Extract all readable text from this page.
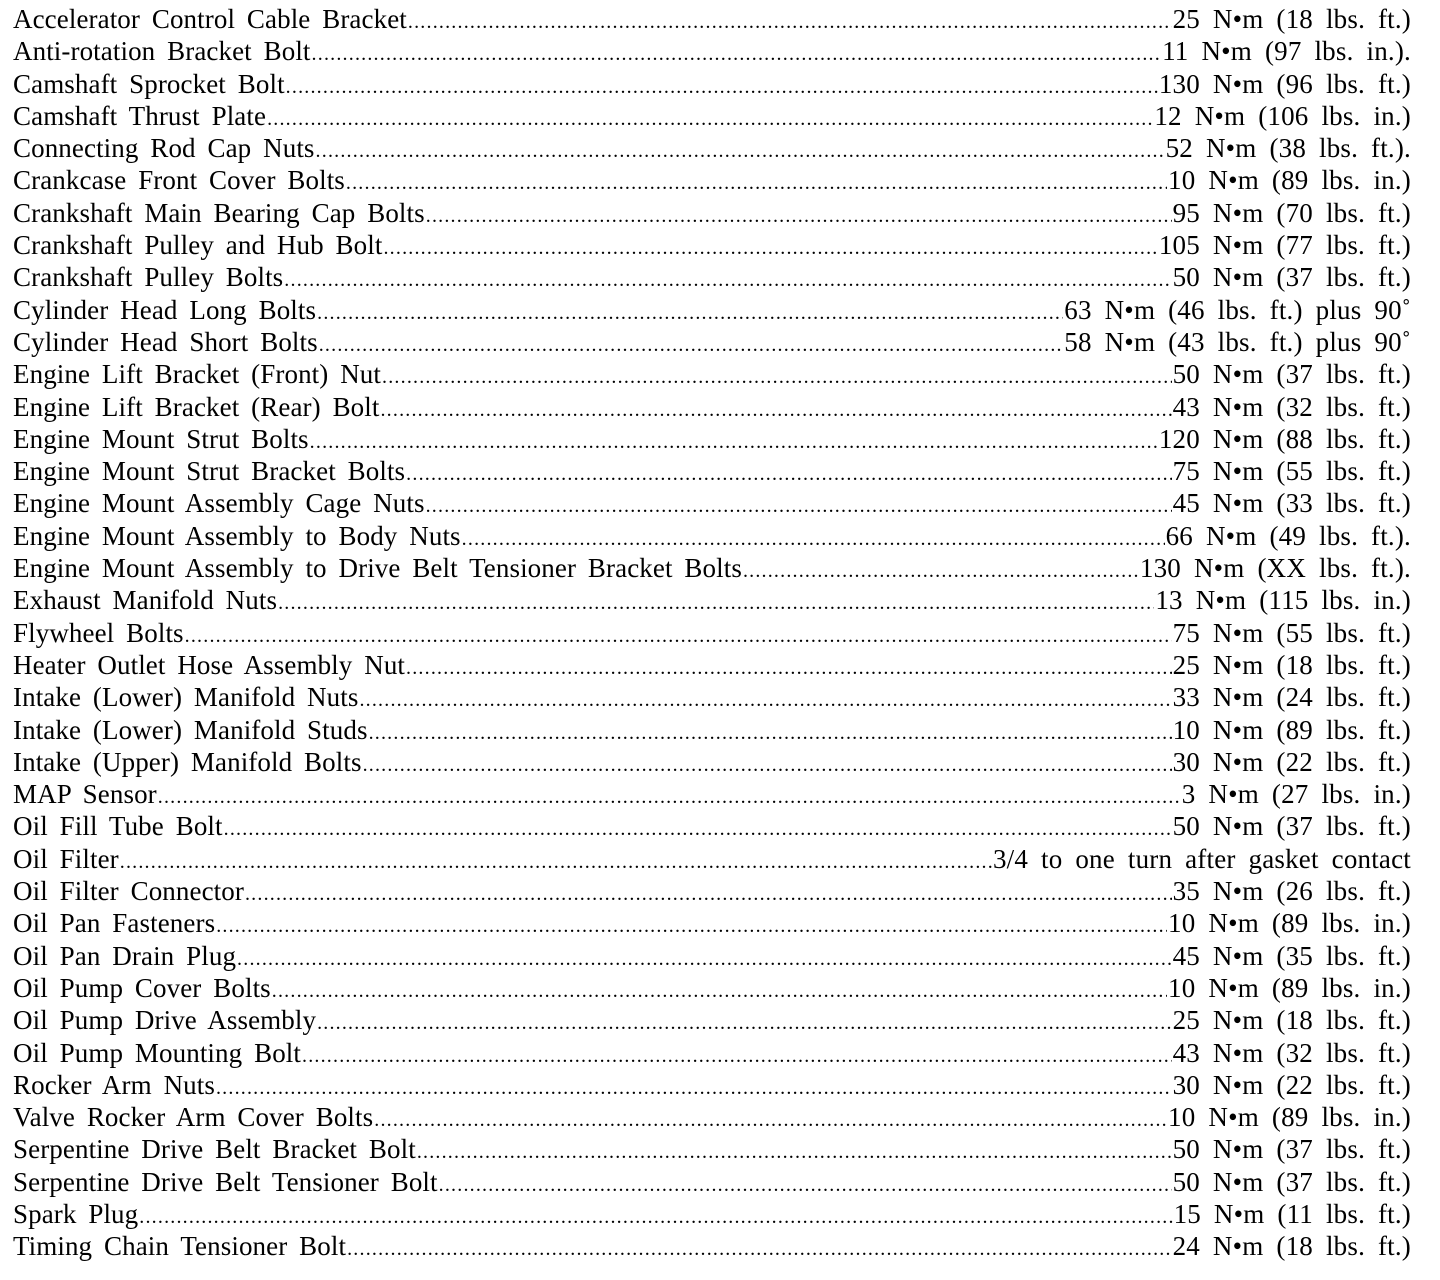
Accelerator Control Cable Bracket .....	25 N•m (18 lbs. ft.)
Anti-rotation Bracket Bolt .....	11 N•m (97 lbs. in.).
Camshaft Sprocket Bolt .....	130 N•m (96 lbs. ft.)
Camshaft Thrust Plate .....	12 N•m (106 lbs. in.)
Connecting Rod Cap Nuts .....	52 N•m (38 lbs. ft.).
Crankcase Front Cover Bolts .....	10 N•m (89 lbs. in.)
Crankshaft Main Bearing Cap Bolts .....	95 N•m (70 lbs. ft.)
Crankshaft Pulley and Hub Bolt .....	105 N•m (77 lbs. ft.)
Crankshaft Pulley Bolts .....	50 N•m (37 lbs. ft.)
Cylinder Head Long Bolts .....	63 N•m (46 lbs. ft.) plus 90˚
Cylinder Head Short Bolts .....	58 N•m (43 lbs. ft.) plus 90˚
Engine Lift Bracket (Front) Nut .....	50 N•m (37 lbs. ft.)
Engine Lift Bracket (Rear) Bolt .....	43 N•m (32 lbs. ft.)
Engine Mount Strut Bolts .....	120 N•m (88 lbs. ft.)
Engine Mount Strut Bracket Bolts .....	75 N•m (55 lbs. ft.)
Engine Mount Assembly Cage Nuts .....	45 N•m (33 lbs. ft.)
Engine Mount Assembly to Body Nuts .....	66 N•m (49 lbs. ft.).
Engine Mount Assembly to Drive Belt Tensioner Bracket Bolts .....	130 N•m (XX lbs. ft.).
Exhaust Manifold Nuts .....	13 N•m (115 lbs. in.)
Flywheel Bolts .....	75 N•m (55 lbs. ft.)
Heater Outlet Hose Assembly Nut .....	25 N•m (18 lbs. ft.)
Intake (Lower) Manifold Nuts .....	33 N•m (24 lbs. ft.)
Intake (Lower) Manifold Studs .....	10 N•m (89 lbs. ft.)
Intake (Upper) Manifold Bolts .....	30 N•m (22 lbs. ft.)
MAP Sensor .....	3 N•m (27 lbs. in.)
Oil Fill Tube Bolt .....	50 N•m (37 lbs. ft.)
Oil Filter .....	3/4 to one turn after gasket contact
Oil Filter Connector .....	35 N•m (26 lbs. ft.)
Oil Pan Fasteners .....	10 N•m (89 lbs. in.)
Oil Pan Drain Plug .....	45 N•m (35 lbs. ft.)
Oil Pump Cover Bolts .....	10 N•m (89 lbs. in.)
Oil Pump Drive Assembly .....	25 N•m (18 lbs. ft.)
Oil Pump Mounting Bolt .....	43 N•m (32 lbs. ft.)
Rocker Arm Nuts .....	30 N•m (22 lbs. ft.)
Valve Rocker Arm Cover Bolts .....	10 N•m (89 lbs. in.)
Serpentine Drive Belt Bracket Bolt .....	50 N•m (37 lbs. ft.)
Serpentine Drive Belt Tensioner Bolt .....	50 N•m (37 lbs. ft.)
Spark Plug .....	15 N•m (11 lbs. ft.)
Timing Chain Tensioner Bolt .....	24 N•m (18 lbs. ft.)
